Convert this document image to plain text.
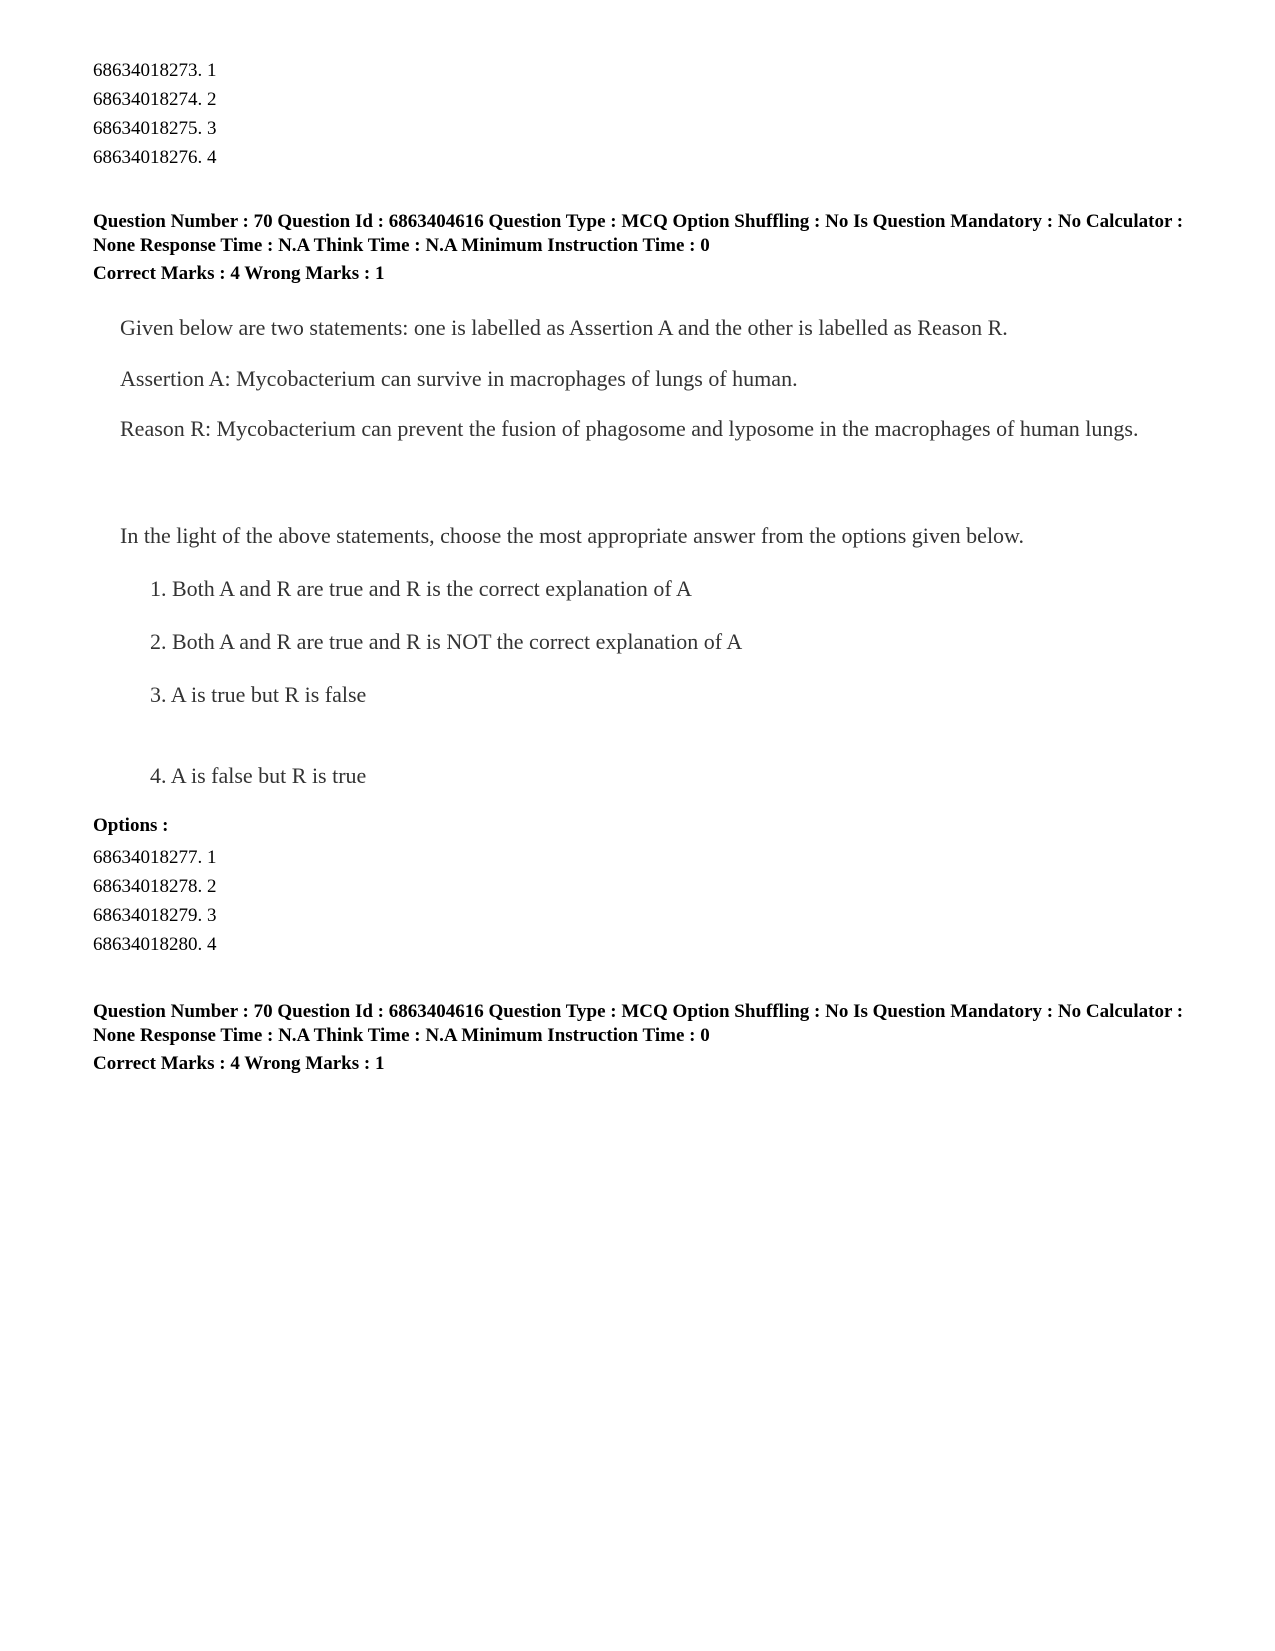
68634018273. 1
68634018274. 2
68634018275. 3
68634018276. 4
Question Number : 70 Question Id : 6863404616 Question Type : MCQ Option Shuffling : No Is Question Mandatory : No Calculator : None Response Time : N.A Think Time : N.A Minimum Instruction Time : 0
Correct Marks : 4 Wrong Marks : 1

Given below are two statements: one is labelled as Assertion A and the other is labelled as Reason R.

Assertion A: Mycobacterium can survive in macrophages of lungs of human.

Reason R: Mycobacterium can prevent the fusion of phagosome and lyposome in the macrophages of human lungs.

In the light of the above statements, choose the most appropriate answer from the options given below.

1. Both A and R are true and R is the correct explanation of A

2. Both A and R are true and R is NOT the correct explanation of A

3. A is true but R is false

4. A is false but R is true

Options :
68634018277. 1
68634018278. 2
68634018279. 3
68634018280. 4
Question Number : 70 Question Id : 6863404616 Question Type : MCQ Option Shuffling : No Is Question Mandatory : No Calculator : None Response Time : N.A Think Time : N.A Minimum Instruction Time : 0
Correct Marks : 4 Wrong Marks : 1
